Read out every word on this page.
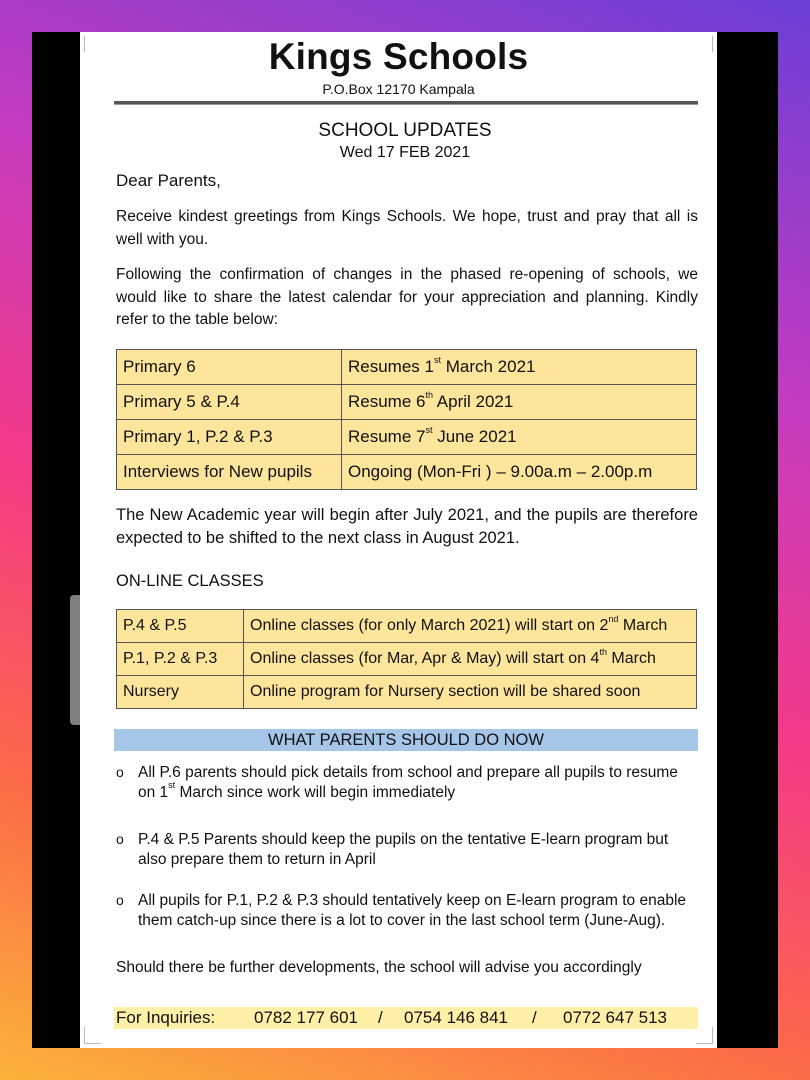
Kings Schools
P.O.Box 12170 Kampala
SCHOOL UPDATES
Wed 17 FEB 2021
Dear Parents,
Receive kindest greetings from Kings Schools. We hope, trust and pray that all is well with you.
Following the confirmation of changes in the phased re-opening of schools, we would like to share the latest calendar for your appreciation and planning. Kindly refer to the table below:
Primary 6	Resumes 1st March 2021
Primary 5 & P.4	Resume 6th April 2021
Primary 1, P.2 & P.3	Resume 7st June 2021
Interviews for New pupils	Ongoing (Mon-Fri ) – 9.00a.m – 2.00p.m
The New Academic year will begin after July 2021, and the pupils are therefore expected to be shifted to the next class in August 2021.
ON-LINE CLASSES
P.4 & P.5	Online classes (for only March 2021) will start on 2nd March
P.1, P.2 & P.3	Online classes (for Mar, Apr & May) will start on 4th March
Nursery	Online program for Nursery section will be shared soon
WHAT PARENTS SHOULD DO NOW
o All P.6 parents should pick details from school and prepare all pupils to resume on 1st March since work will begin immediately
o P.4 & P.5 Parents should keep the pupils on the tentative E-learn program but also prepare them to return in April
o All pupils for P.1, P.2 & P.3 should tentatively keep on E-learn program to enable them catch-up since there is a lot to cover in the last school term (June-Aug).
Should there be further developments, the school will advise you accordingly
For Inquiries: 0782 177 601 / 0754 146 841 / 0772 647 513
